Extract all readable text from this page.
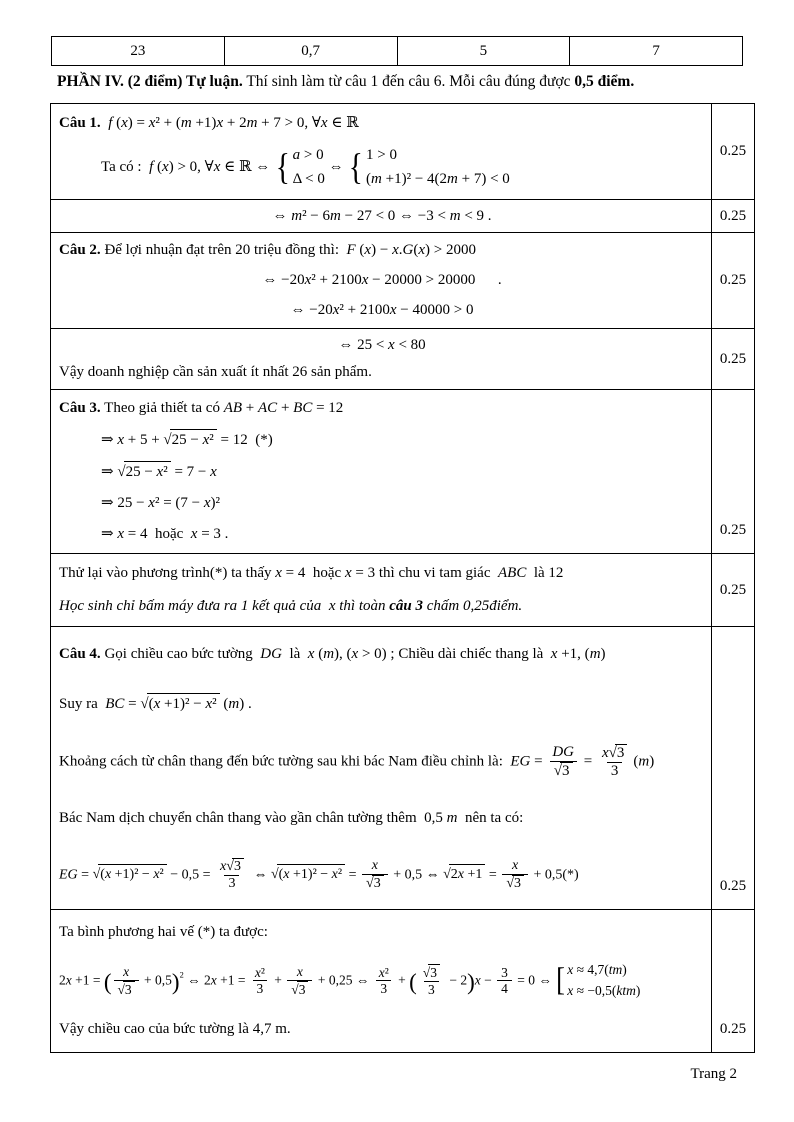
23	0,7	5	7
PHẦN IV. (2 điểm) Tự luận. Thí sinh làm từ câu 1 đến câu 6. Mỗi câu đúng được 0,5 điểm.
Câu 1.  f (x) = x² + (m +1)x + 2m + 7 > 0, ∀x ∈ ℝ
Ta có :  f (x) > 0, ∀x ∈ ℝ ⇔ { a > 0
Δ < 0
⇔ { 1 > 0
(m +1)² − 4(2m + 7) < 0
0.25
⇔ m² − 6m − 27 < 0 ⇔ −3 < m < 9 .	0.25
Câu 2. Để lợi nhuận đạt trên 20 triệu đồng thì:  F (x) − x.G(x) > 2000
⇔ −20x² + 2100x − 20000 > 20000      .
⇔ −20x² + 2100x − 40000 > 0
0.25
⇔ 25 < x < 80
Vậy doanh nghiệp cần sản xuất ít nhất 26 sản phẩm.
0.25
Câu 3. Theo giả thiết ta có AB + AC + BC = 12
⇒ x + 5 + √25 − x² = 12  (*)
⇒ √25 − x² = 7 − x
⇒ 25 − x² = (7 − x)²
⇒ x = 4  hoặc  x = 3 .	0.25
Thử lại vào phương trình(*) ta thấy x = 4  hoặc x = 3 thì chu vi tam giác  ABC  là 12
Học sinh chỉ bấm máy đưa ra 1 kết quả của  x thì toàn câu 3 chấm 0,25điểm.
0.25
Câu 4. Gọi chiều cao bức tường  DG  là  x (m), (x > 0) ; Chiều dài chiếc thang là  x +1, (m)
Suy ra  BC = √(x +1)² − x² (m) .
Khoảng cách từ chân thang đến bức tường sau khi bác Nam điều chỉnh là:  EG = $\frac{DG}{√3} = \frac{x√3}{3} (m)$
Bác Nam dịch chuyển chân thang vào gần chân tường thêm  0,5 m  nên ta có:
EG = $√(x +1)^2 - x^2 - 0,5 = \frac{x√3}{3}$ ⇔ $√(x +1)^2 - x^2 = \frac{x}{√3} + 0,5$ ⇔ $√2x +1 = \frac{x}{√3} + 0,5(*)$
0.25
Ta bình phương hai vế (*) ta được:
2x +1 = ( $\frac{x}{√3} + 0,5)^2$ ⇔ $2x +1 = \frac{\text{x²}}{3} + \frac{x}{√3} + 0,25$ ⇔ $\frac{\text{x²}}{3}$ + ( $\frac{√3}{3} - 2)x - \frac{3}{4} = 0$ ⇔ [ x ≈ 4,7(tm)
x ≈ −0,5(ktm)
Vậy chiều cao của bức tường là 4,7 m.	0.25
Trang 2
